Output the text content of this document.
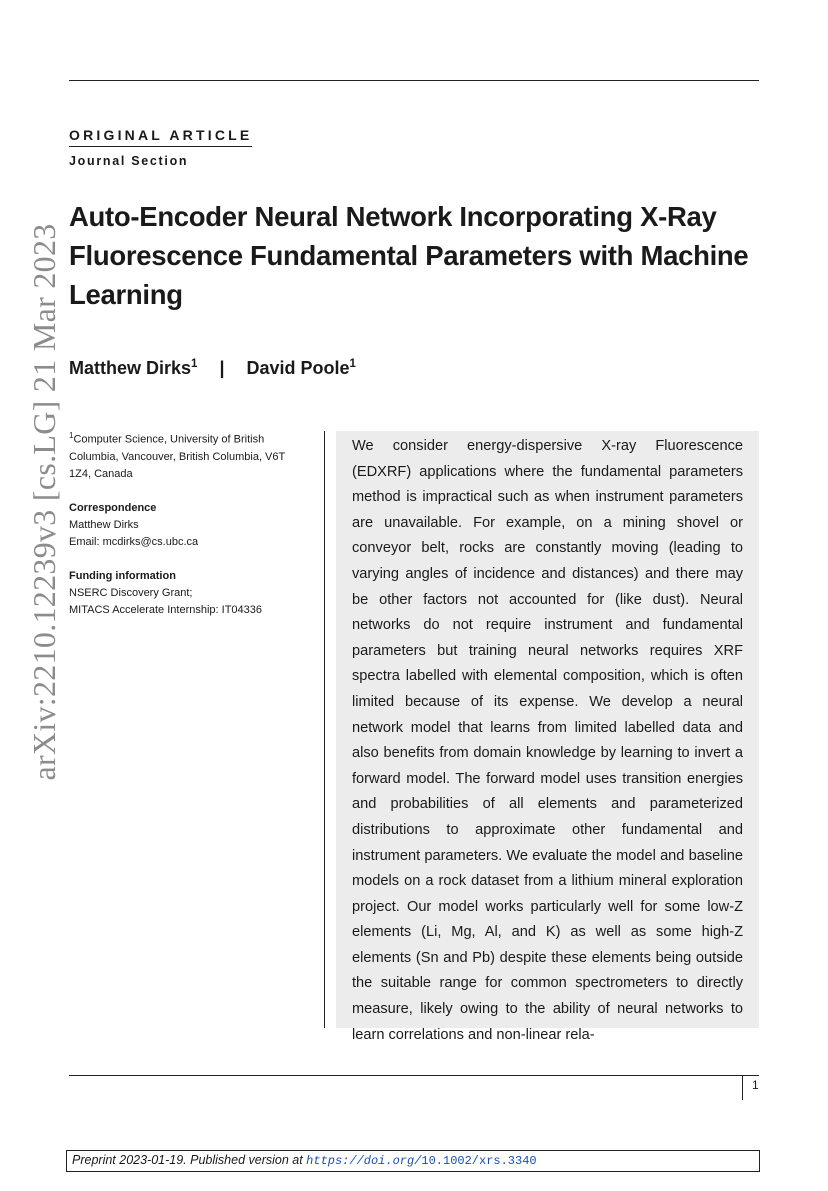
arXiv:2210.12239v3 [cs.LG] 21 Mar 2023
ORIGINAL ARTICLE
Journal Section
Auto-Encoder Neural Network Incorporating X-Ray Fluorescence Fundamental Parameters with Machine Learning
Matthew Dirks$^1$ | David Poole$^1$

$^1$Computer Science, University of British Columbia, Vancouver, British Columbia, V6T 1Z4, Canada

Correspondence

Matthew Dirks

Email: mcdirks@cs.ubc.ca

Funding information

NSERC Discovery Grant;

MITACS Accelerate Internship: IT04336

We consider energy-dispersive X-ray Fluorescence (EDXRF) applications where the fundamental parameters method is impractical such as when instrument parameters are unavailable. For example, on a mining shovel or conveyor belt, rocks are constantly moving (leading to varying angles of incidence and distances) and there may be other factors not accounted for (like dust). Neural networks do not require instrument and fundamental parameters but training neural networks requires XRF spectra labelled with elemental composition, which is often limited because of its expense. We develop a neural network model that learns from limited labelled data and also benefits from domain knowledge by learning to invert a forward model. The forward model uses transition energies and probabilities of all elements and parameterized distributions to approximate other fundamental and instrument parameters. We evaluate the model and baseline models on a rock dataset from a lithium mineral exploration project. Our model works particularly well for some low-Z elements (Li, Mg, Al, and K) as well as some high-Z elements (Sn and Pb) despite these elements being outside the suitable range for common spectrometers to directly measure, likely owing to the ability of neural networks to learn correlations and non-linear rela-

1
Preprint 2023-01-19. Published version at https://doi.org/10.1002/xrs.3340
